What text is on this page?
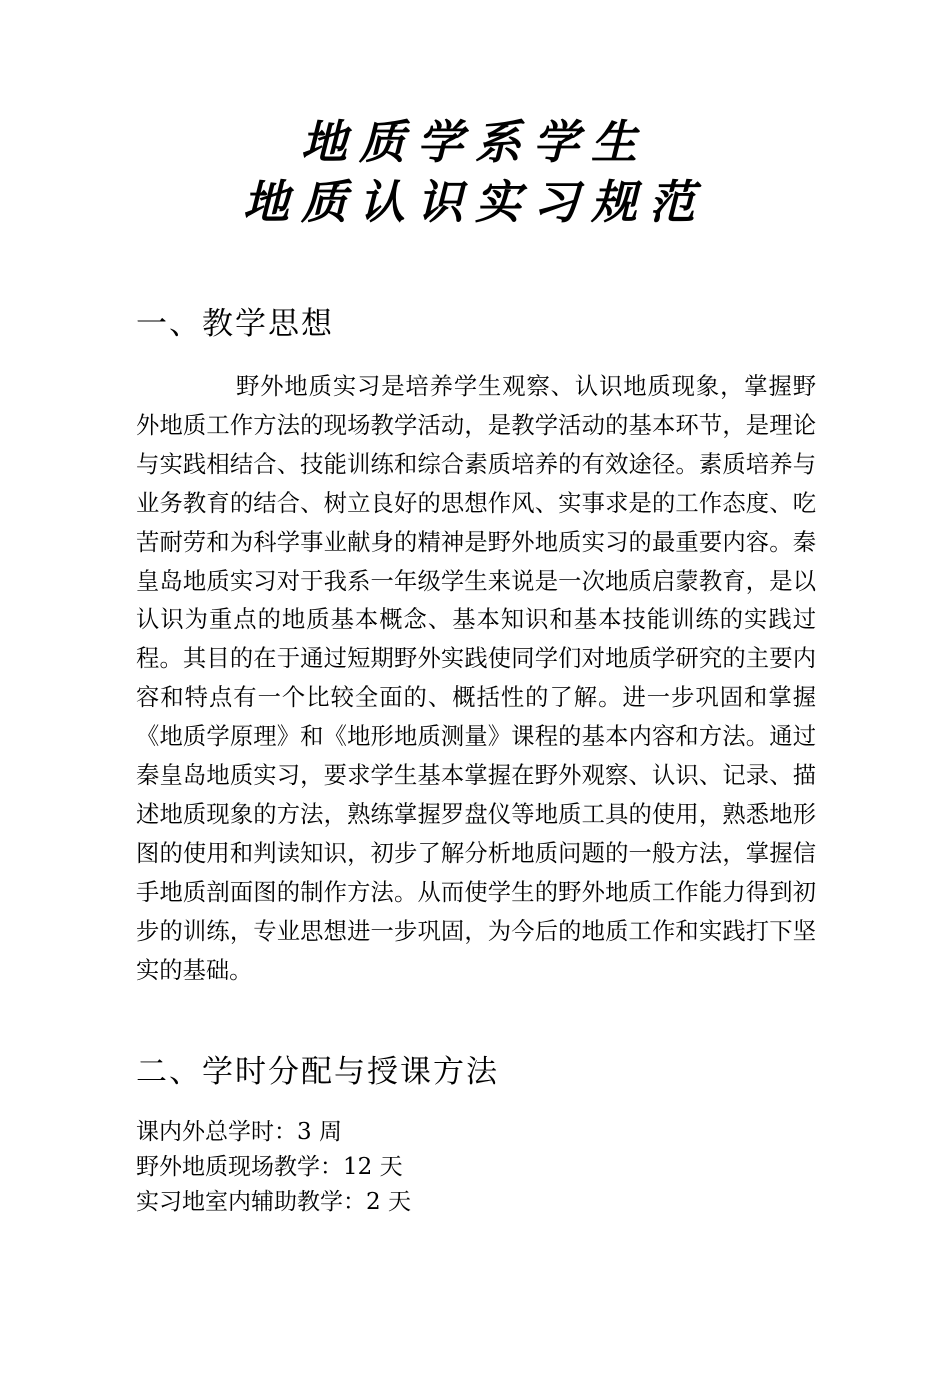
地质学系学生
地质认识实习规范
一、教学思想
野外地质实习是培养学生观察、认识地质现象，掌握野外地质工作方法的现场教学活动，是教学活动的基本环节，是理论与实践相结合、技能训练和综合素质培养的有效途径。素质培养与业务教育的结合、树立良好的思想作风、实事求是的工作态度、吃苦耐劳和为科学事业献身的精神是野外地质实习的最重要内容。秦皇岛地质实习对于我系一年级学生来说是一次地质启蒙教育，是以认识为重点的地质基本概念、基本知识和基本技能训练的实践过程。其目的在于通过短期野外实践使同学们对地质学研究的主要内容和特点有一个比较全面的、概括性的了解。进一步巩固和掌握《地质学原理》和《地形地质测量》课程的基本内容和方法。通过秦皇岛地质实习，要求学生基本掌握在野外观察、认识、记录、描述地质现象的方法，熟练掌握罗盘仪等地质工具的使用，熟悉地形图的使用和判读知识，初步了解分析地质问题的一般方法，掌握信手地质剖面图的制作方法。从而使学生的野外地质工作能力得到初步的训练，专业思想进一步巩固，为今后的地质工作和实践打下坚实的基础。
二、学时分配与授课方法
课内外总学时：3 周
野外地质现场教学：12 天
实习地室内辅助教学：2 天
